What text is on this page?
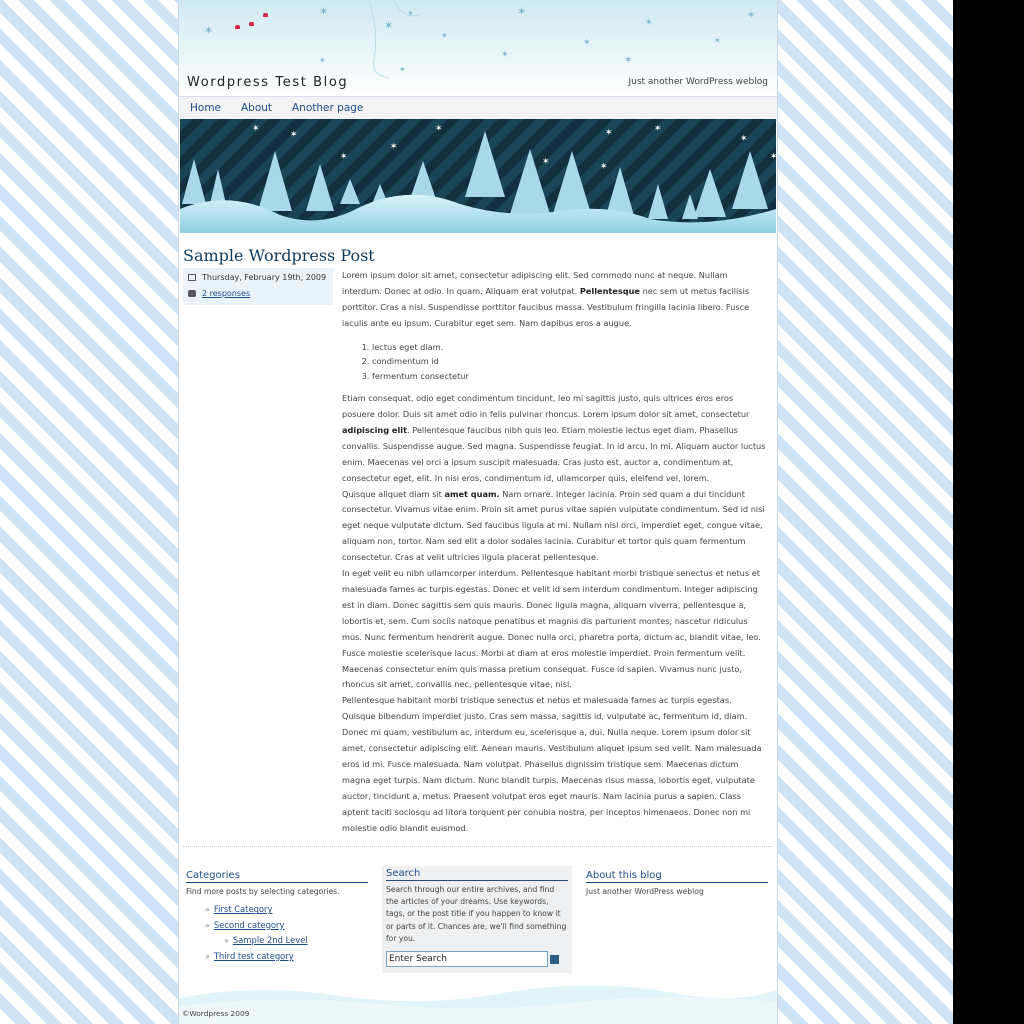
✶
✶
✶
✶
✶
✶
✶
✶
✶
✶
✶
✶
✶
✶
Wordpress Test Blog	Just another WordPress weblog
Home About Another page
✶
✶
✶
✶	✶	✶
✶
✶
✶	✶	✶
Sample Wordpress Post
Thursday, February 19th, 2009
2 responses

Lorem ipsum dolor sit amet, consectetur adipiscing elit. Sed commodo nunc at neque. Nullam interdum. Donec at odio. In quam. Aliquam erat volutpat. Pellentesque nec sem ut metus facilisis porttitor. Cras a nisl. Suspendisse porttitor faucibus massa. Vestibulum fringilla lacinia libero. Fusce iaculis ante eu ipsum. Curabitur eget sem. Nam dapibus eros a augue.

1. lectus eget diam.
2. condimentum id
3. fermentum consectetur

Etiam consequat, odio eget condimentum tincidunt, leo mi sagittis justo, quis ultrices eros eros posuere dolor. Duis sit amet odio in felis pulvinar rhoncus. Lorem ipsum dolor sit amet, consectetur adipiscing elit. Pellentesque faucibus nibh quis leo. Etiam molestie lectus eget diam. Phasellus convallis. Suspendisse augue. Sed magna. Suspendisse feugiat. In id arcu. In mi. Aliquam auctor luctus enim. Maecenas vel orci a ipsum suscipit malesuada. Cras justo est, auctor a, condimentum at, consectetur eget, elit. In nisi eros, condimentum id, ullamcorper quis, eleifend vel, lorem.

Quisque aliquet diam sit amet quam. Nam ornare. Integer lacinia. Proin sed quam a dui tincidunt consectetur. Vivamus vitae enim. Proin sit amet purus vitae sapien vulputate condimentum. Sed id nisi eget neque vulputate dictum. Sed faucibus ligula at mi. Nullam nisl orci, imperdiet eget, congue vitae, aliquam non, tortor. Nam sed elit a dolor sodales lacinia. Curabitur et tortor quis quam fermentum consectetur. Cras at velit ultricies ligula placerat pellentesque.

In eget velit eu nibh ullamcorper interdum. Pellentesque habitant morbi tristique senectus et netus et malesuada fames ac turpis egestas. Donec et velit id sem interdum condimentum. Integer adipiscing est in diam. Donec sagittis sem quis mauris. Donec ligula magna, aliquam viverra, pellentesque a, lobortis et, sem. Cum sociis natoque penatibus et magnis dis parturient montes, nascetur ridiculus mus. Nunc fermentum hendrerit augue. Donec nulla orci, pharetra porta, dictum ac, blandit vitae, leo. Fusce molestie scelerisque lacus. Morbi at diam at eros molestie imperdiet. Proin fermentum velit. Maecenas consectetur enim quis massa pretium consequat. Fusce id sapien. Vivamus nunc justo, rhoncus sit amet, convallis nec, pellentesque vitae, nisl.

Pellentesque habitant morbi tristique senectus et netus et malesuada fames ac turpis egestas. Quisque bibendum imperdiet justo. Cras sem massa, sagittis id, vulputate ac, fermentum id, diam. Donec mi quam, vestibulum ac, interdum eu, scelerisque a, dui. Nulla neque. Lorem ipsum dolor sit amet, consectetur adipiscing elit. Aenean mauris. Vestibulum aliquet ipsum sed velit. Nam malesuada eros id mi. Fusce malesuada. Nam volutpat. Phasellus dignissim tristique sem. Maecenas dictum magna eget turpis. Nam dictum. Nunc blandit turpis. Maecenas risus massa, lobortis eget, vulputate auctor, tincidunt a, metus. Praesent volutpat eros eget mauris. Nam lacinia purus a sapien. Class aptent taciti sociosqu ad litora torquent per conubia nostra, per inceptos himenaeos. Donec non mi molestie odio blandit euismod.

Categories
Find more posts by selecting categories.
» First Category
» Second category
» Sample 2nd Level
» Third test category
Search
Search through our entire archives, and find the articles of your dreams. Use keywords, tags, or the post title if you happen to know it or parts of it. Chances are, we'll find something for you.
Enter Search
About this blog
Just another WordPress weblog
©Wordpress 2009
